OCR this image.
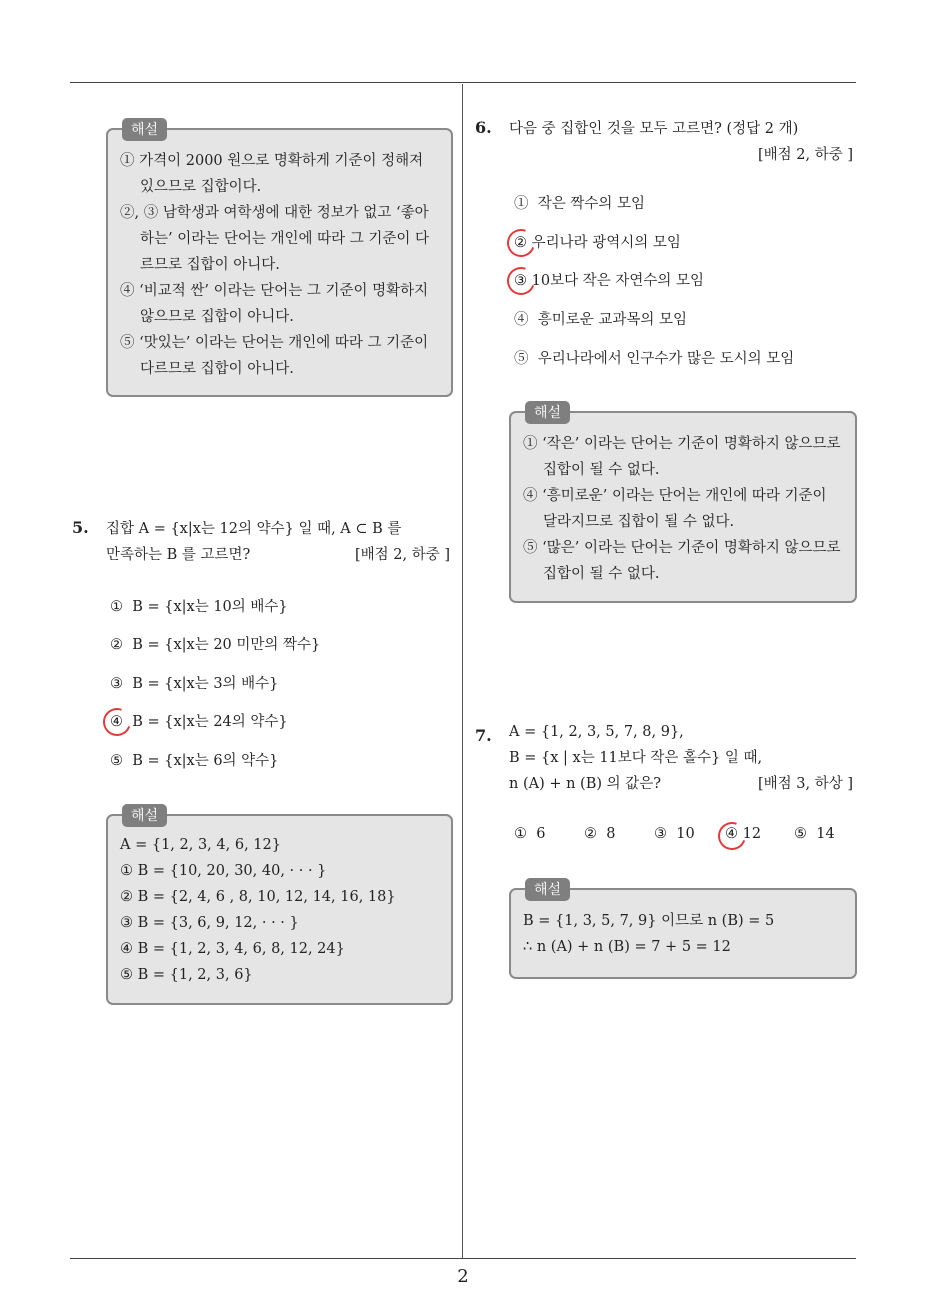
해설
① 가격이 2000 원으로 명확하게 기준이 정해져 있으므로 집합이다.
②, ③ 남학생과 여학생에 대한 정보가 없고 ‘좋아하는’ 이라는 단어는 개인에 따라 그 기준이 다르므로 집합이 아니다.
④ ‘비교적 싼’ 이라는 단어는 그 기준이 명확하지 않으므로 집합이 아니다.
⑤ ‘맛있는’ 이라는 단어는 개인에 따라 그 기준이 다르므로 집합이 아니다.
5. 집합 A = {x|x는 12의 약수} 일 때, A ⊂ B 를
만족하는 B 를 고르면?	[배점 2, 하중 ]
① B = {x|x는 10의 배수}
② B = {x|x는 20 미만의 짝수}
③ B = {x|x는 3의 배수}
④ B = {x|x는 24의 약수}
⑤ B = {x|x는 6의 약수}
해설
A = {1, 2, 3, 4, 6, 12}
① B = {10, 20, 30, 40, · · · }
② B = {2, 4, 6 , 8, 10, 12, 14, 16, 18}
③ B = {3, 6, 9, 12, · · · }
④ B = {1, 2, 3, 4, 6, 8, 12, 24}
⑤ B = {1, 2, 3, 6}
6. 다음 중 집합인 것을 모두 고르면? (정답 2 개)
[배점 2, 하중 ]
① 작은 짝수의 모임
② 우리나라 광역시의 모임
③ 10보다 작은 자연수의 모임
④ 흥미로운 교과목의 모임
⑤ 우리나라에서 인구수가 많은 도시의 모임
해설
① ‘작은’ 이라는 단어는 기준이 명확하지 않으므로 집합이 될 수 없다.
④ ‘흥미로운’ 이라는 단어는 개인에 따라 기준이 달라지므로 집합이 될 수 없다.
⑤ ‘많은’ 이라는 단어는 기준이 명확하지 않으므로 집합이 될 수 없다.
7. A = {1, 2, 3, 5, 7, 8, 9},
B = {x | x는 11보다 작은 홀수} 일 때,
n (A) + n (B) 의 값은?	[배점 3, 하상 ]
① 6	② 8	③ 10 ④ 12 ⑤ 14
해설
B = {1, 3, 5, 7, 9} 이므로 n (B) = 5
∴ n (A) + n (B) = 7 + 5 = 12
2
